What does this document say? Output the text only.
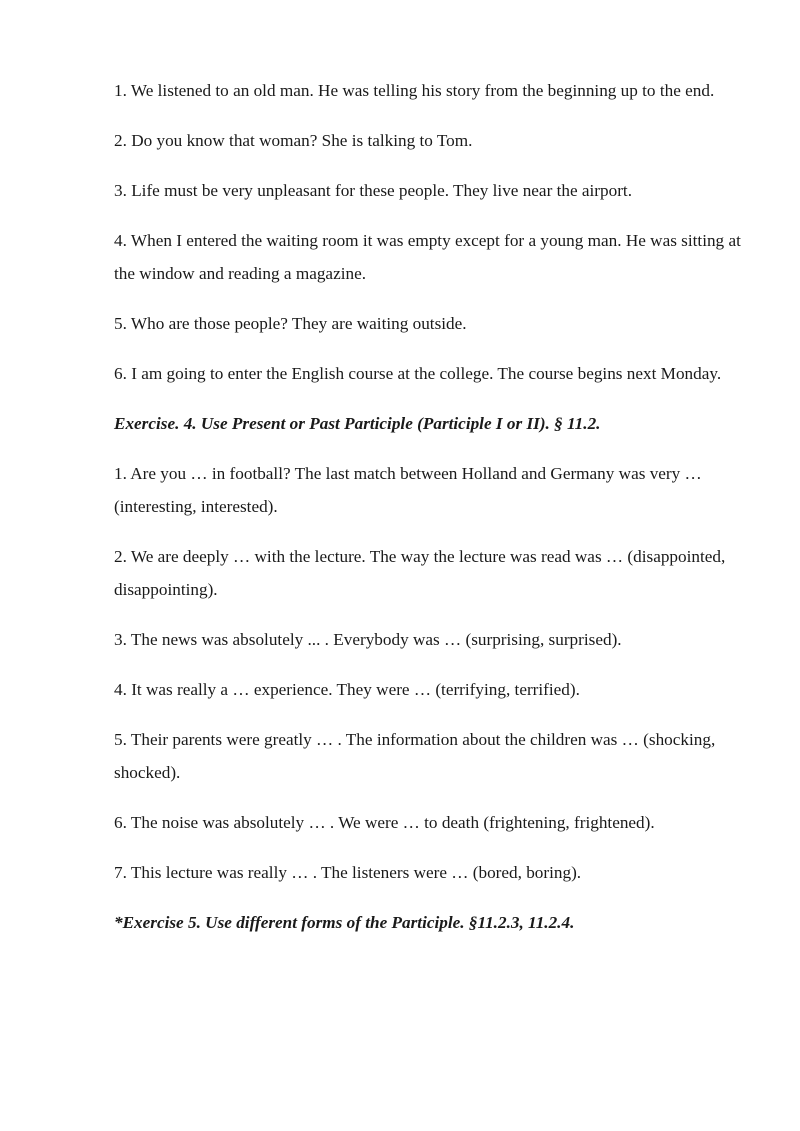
1. We listened to an old man. He was telling his story from the beginning up to the end.

2. Do you know that woman? She is talking to Tom.

3. Life must be very unpleasant for these people. They live near the airport.

4. When I entered the waiting room it was empty except for a young man. He was sitting at the window and reading a magazine.

5. Who are those people? They are waiting outside.

6. I am going to enter the English course at the college. The course begins next Monday.

Exercise. 4. Use Present or Past Participle (Participle I or II). § 11.2.

1. Are you … in football? The last match between Holland and Germany was very … (interesting, interested).

2. We are deeply … with the lecture. The way the lecture was read was … (disappointed, disappointing).

3. The news was absolutely ... . Everybody was … (surprising, surprised).

4. It was really a … experience. They were … (terrifying, terrified).

5. Their parents were greatly … . The information about the children was … (shocking, shocked).

6. The noise was absolutely … . We were … to death (frightening, frightened).

7. This lecture was really … . The listeners were … (bored, boring).

*Exercise 5. Use different forms of the Participle. §11.2.3, 11.2.4.
